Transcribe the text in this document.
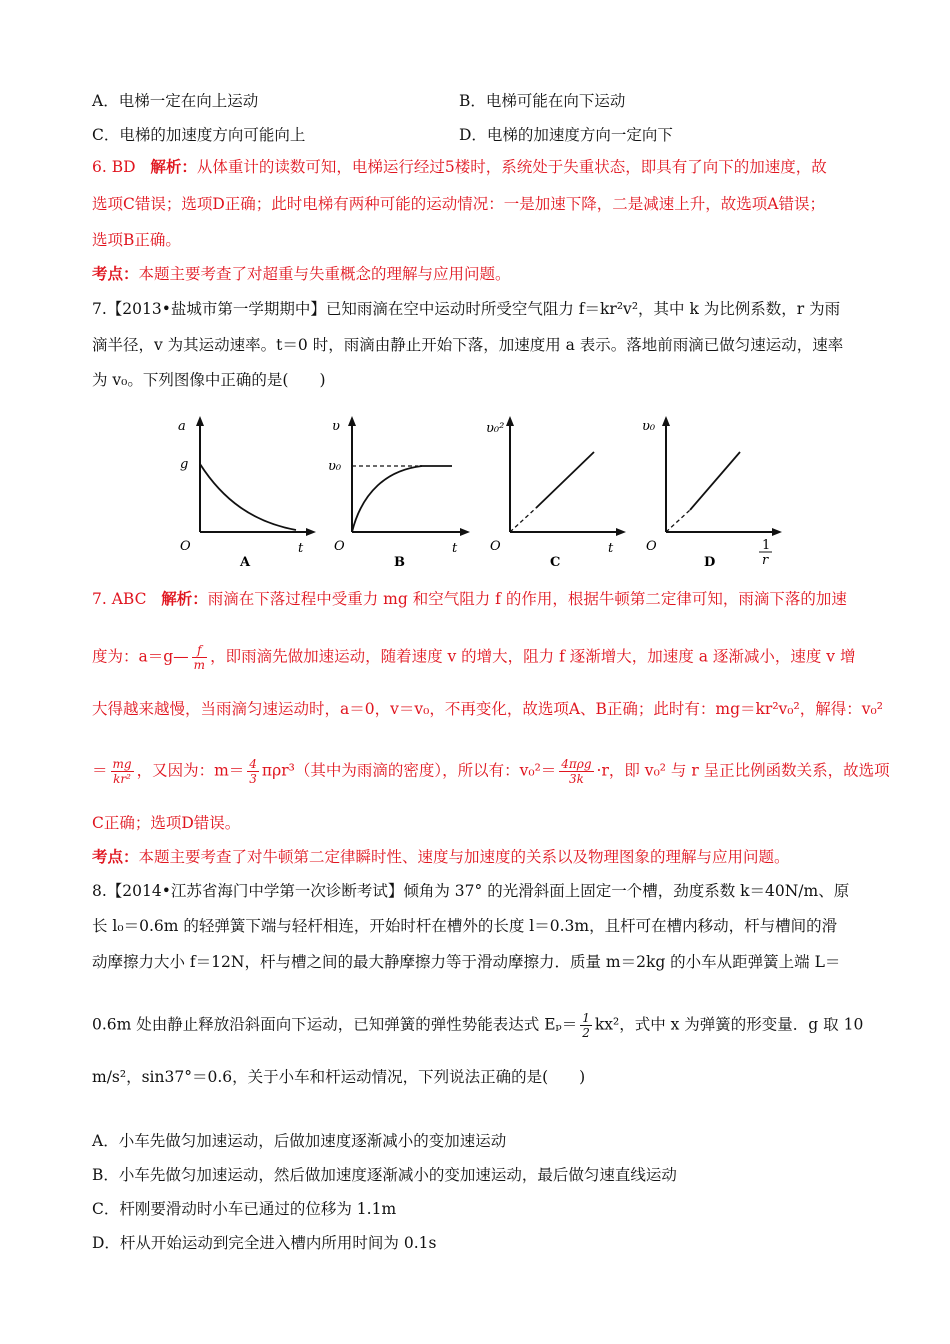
A．电梯一定在向上运动	B．电梯可能在向下运动
C．电梯的加速度方向可能向上	D．电梯的加速度方向一定向下
6. BD 解析：从体重计的读数可知，电梯运行经过5楼时，系统处于失重状态，即具有了向下的加速度，故
选项C错误；选项D正确；此时电梯有两种可能的运动情况：一是加速下降，二是减速上升，故选项A错误；
选项B正确。
考点：本题主要考查了对超重与失重概念的理解与应用问题。
7.【2013•盐城市第一学期期中】已知雨滴在空中运动时所受空气阻力 f＝kr²v²，其中 k 为比例系数，r 为雨
滴半径，v 为其运动速率。t＝0 时，雨滴由静止开始下落，加速度用 a 表示。落地前雨滴已做匀速运动，速率
为 v₀。下列图像中正确的是(　　)
a
g
O	t
A
υ
υ₀
O	t
B
υ₀²
O	t
C
υ₀
O	1
r
D
7. ABC 解析：雨滴在下落过程中受重力 mg 和空气阻力 f 的作用，根据牛顿第二定律可知，雨滴下落的加速
度为：a＝g— $\frac{f}{m}$ ，即雨滴先做加速运动，随着速度 v 的增大，阻力 f 逐渐增大，加速度 a 逐渐减小，速度 v 增
大得越来越慢，当雨滴匀速运动时，a＝0，v＝v₀，不再变化，故选项A、B正确；此时有：mg＝kr²v₀²，解得：v₀²
＝ $\frac{mg}{\text{kr²}}$ ，又因为：$m= \frac{4}{3} \pi\rho r^3$（其中为雨滴的密度），所以有：$v_0^2= \frac{\text{4πρg}}{3k} \cdot r$，即 v₀² 与 r 呈正比例函数关系，故选项
C正确；选项D错误。
考点：本题主要考查了对牛顿第二定律瞬时性、速度与加速度的关系以及物理图象的理解与应用问题。
8.【2014•江苏省海门中学第一次诊断考试】倾角为 37° 的光滑斜面上固定一个槽，劲度系数 k＝40N/m、原
长 l₀＝0.6m 的轻弹簧下端与轻杆相连，开始时杆在槽外的长度 l＝0.3m，且杆可在槽内移动，杆与槽间的滑
动摩擦力大小 f＝12N，杆与槽之间的最大静摩擦力等于滑动摩擦力．质量 m＝2kg 的小车从距弹簧上端 L＝
0.6m 处由静止释放沿斜面向下运动，已知弹簧的弹性势能表达式 $E_p= \frac{1}{2} kx^2$，式中 x 为弹簧的形变量．g 取 10
m/s²，sin37°＝0.6，关于小车和杆运动情况，下列说法正确的是(　　)
A．小车先做匀加速运动，后做加速度逐渐减小的变加速运动
B．小车先做匀加速运动，然后做加速度逐渐减小的变加速运动，最后做匀速直线运动
C．杆刚要滑动时小车已通过的位移为 1.1m
D．杆从开始运动到完全进入槽内所用时间为 0.1s
